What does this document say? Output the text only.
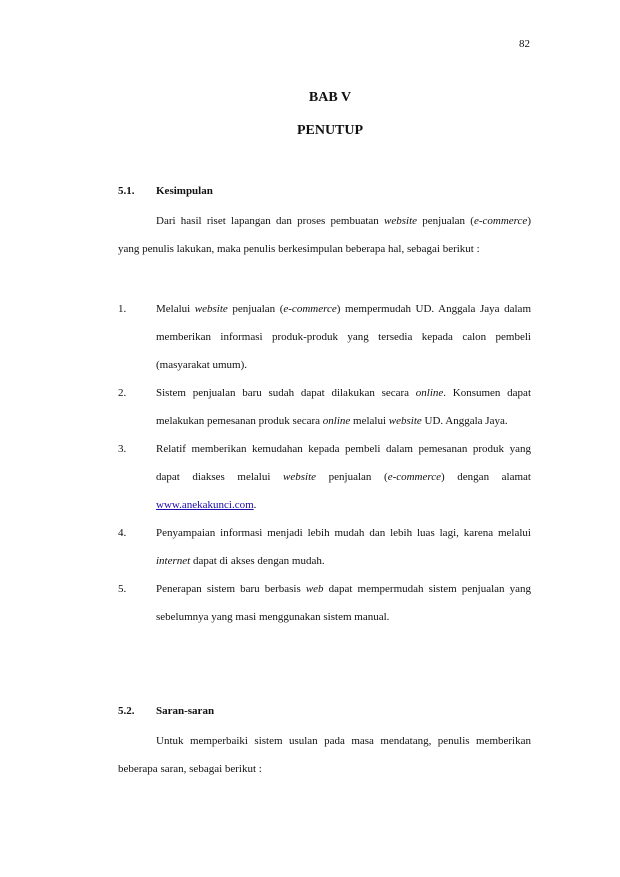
82
BAB V
PENUTUP
5.1. Kesimpulan
Dari hasil riset lapangan dan proses pembuatan website penjualan (e-commerce) yang penulis lakukan, maka penulis berkesimpulan beberapa hal, sebagai berikut :
1.	Melalui website penjualan (e-commerce) mempermudah UD. Anggala Jaya dalam memberikan informasi produk-produk yang tersedia kepada calon pembeli (masyarakat umum).
2.	Sistem penjualan baru sudah dapat dilakukan secara online. Konsumen dapat melakukan pemesanan produk secara online melalui website UD. Anggala Jaya.
3.	Relatif memberikan kemudahan kepada pembeli dalam pemesanan produk yang dapat diakses melalui website penjualan (e-commerce) dengan alamat www.anekakunci.com.
4.	Penyampaian informasi menjadi lebih mudah dan lebih luas lagi, karena melalui internet dapat di akses dengan mudah.
5.	Penerapan sistem baru berbasis web dapat mempermudah sistem penjualan yang sebelumnya yang masi menggunakan sistem manual.
5.2. Saran-saran
Untuk memperbaiki sistem usulan pada masa mendatang, penulis memberikan beberapa saran, sebagai berikut :
